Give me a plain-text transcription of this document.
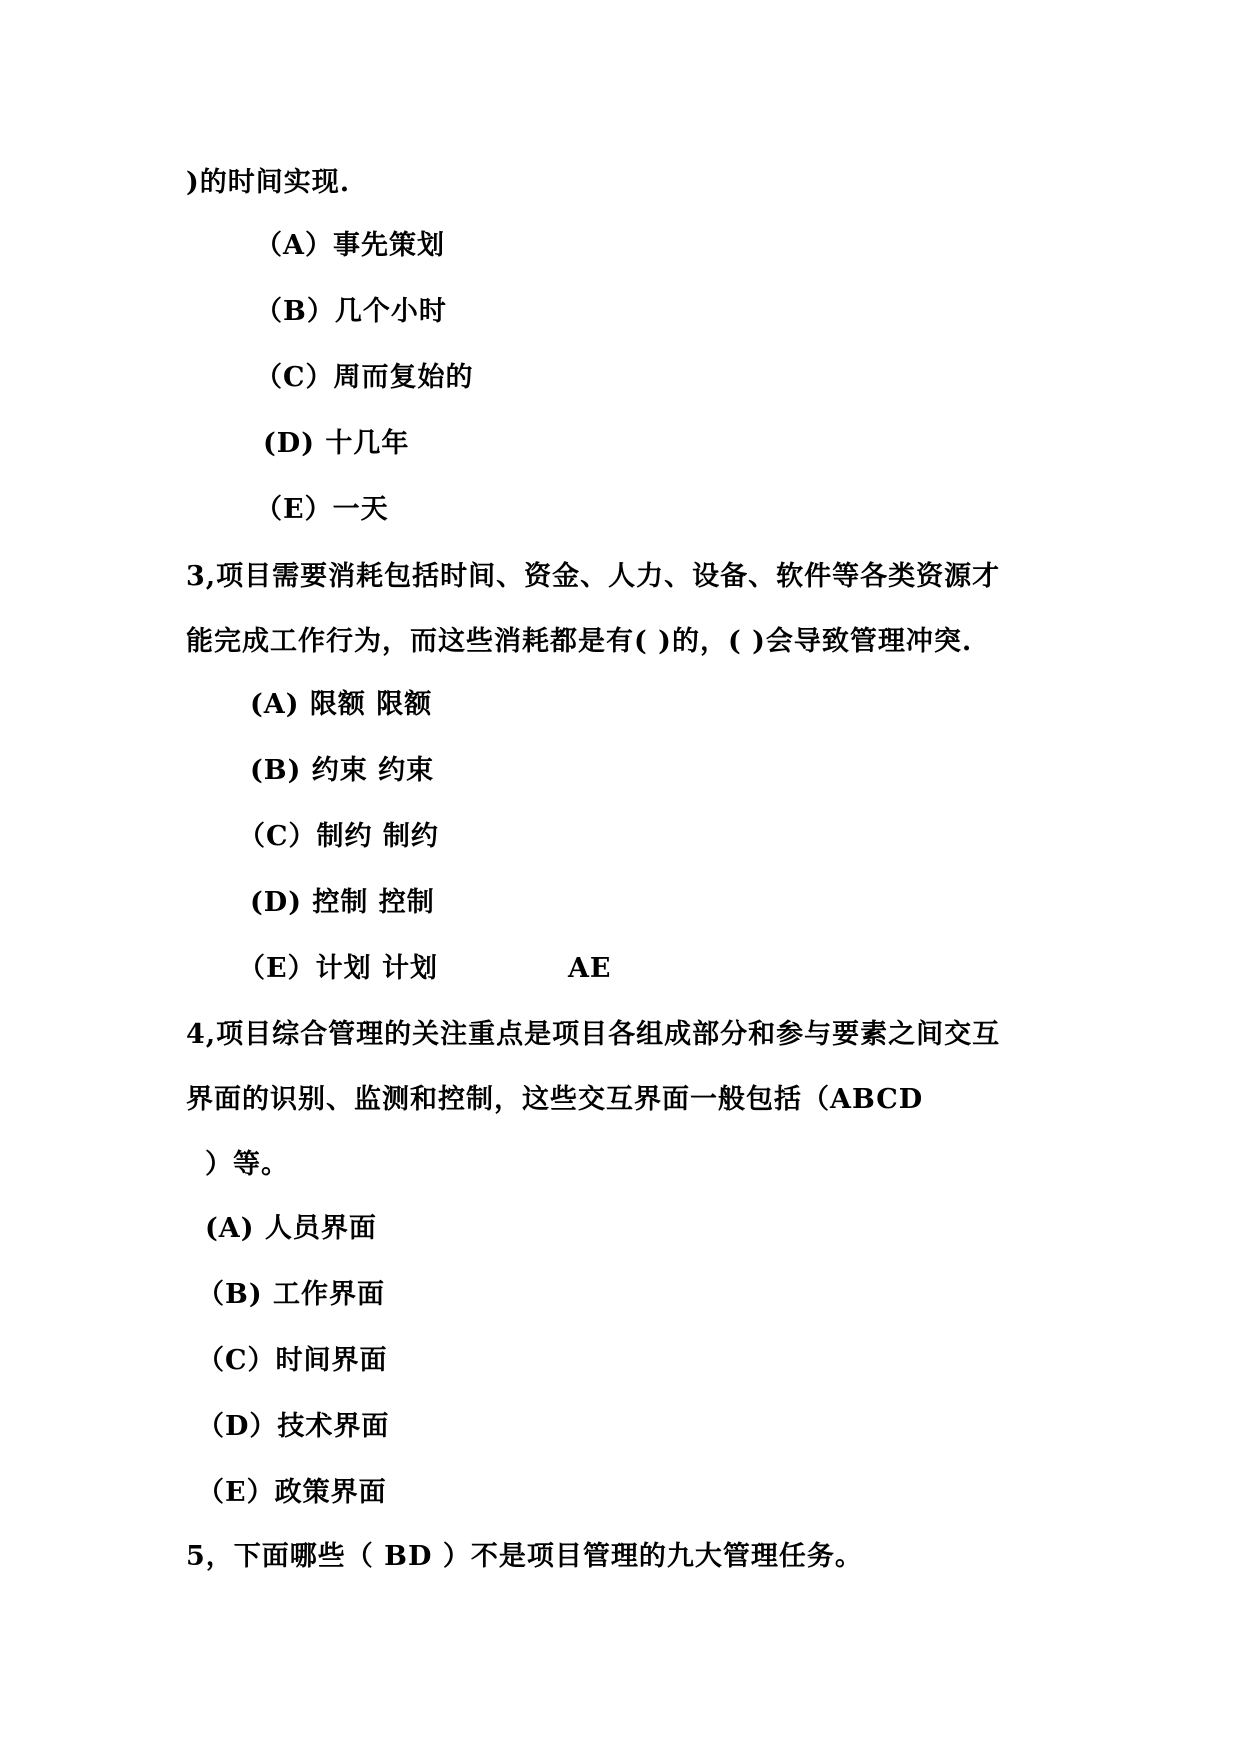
)的时间实现.
（A）事先策划
（B）几个小时
（C）周而复始的
(D) 十几年
（E）一天
3,项目需要消耗包括时间、资金、人力、设备、软件等各类资源才
能完成工作行为，而这些消耗都是有( )的，( )会导致管理冲突.
(A) 限额 限额
(B) 约束 约束
（C）制约 制约
(D) 控制 控制
（E）计划 计划	AE
4,项目综合管理的关注重点是项目各组成部分和参与要素之间交互
界面的识别、监测和控制，这些交互界面一般包括（ABCD
）等。
(A) 人员界面
（B) 工作界面
（C）时间界面
（D）技术界面
（E）政策界面
5，下面哪些（ BD ）不是项目管理的九大管理任务。
